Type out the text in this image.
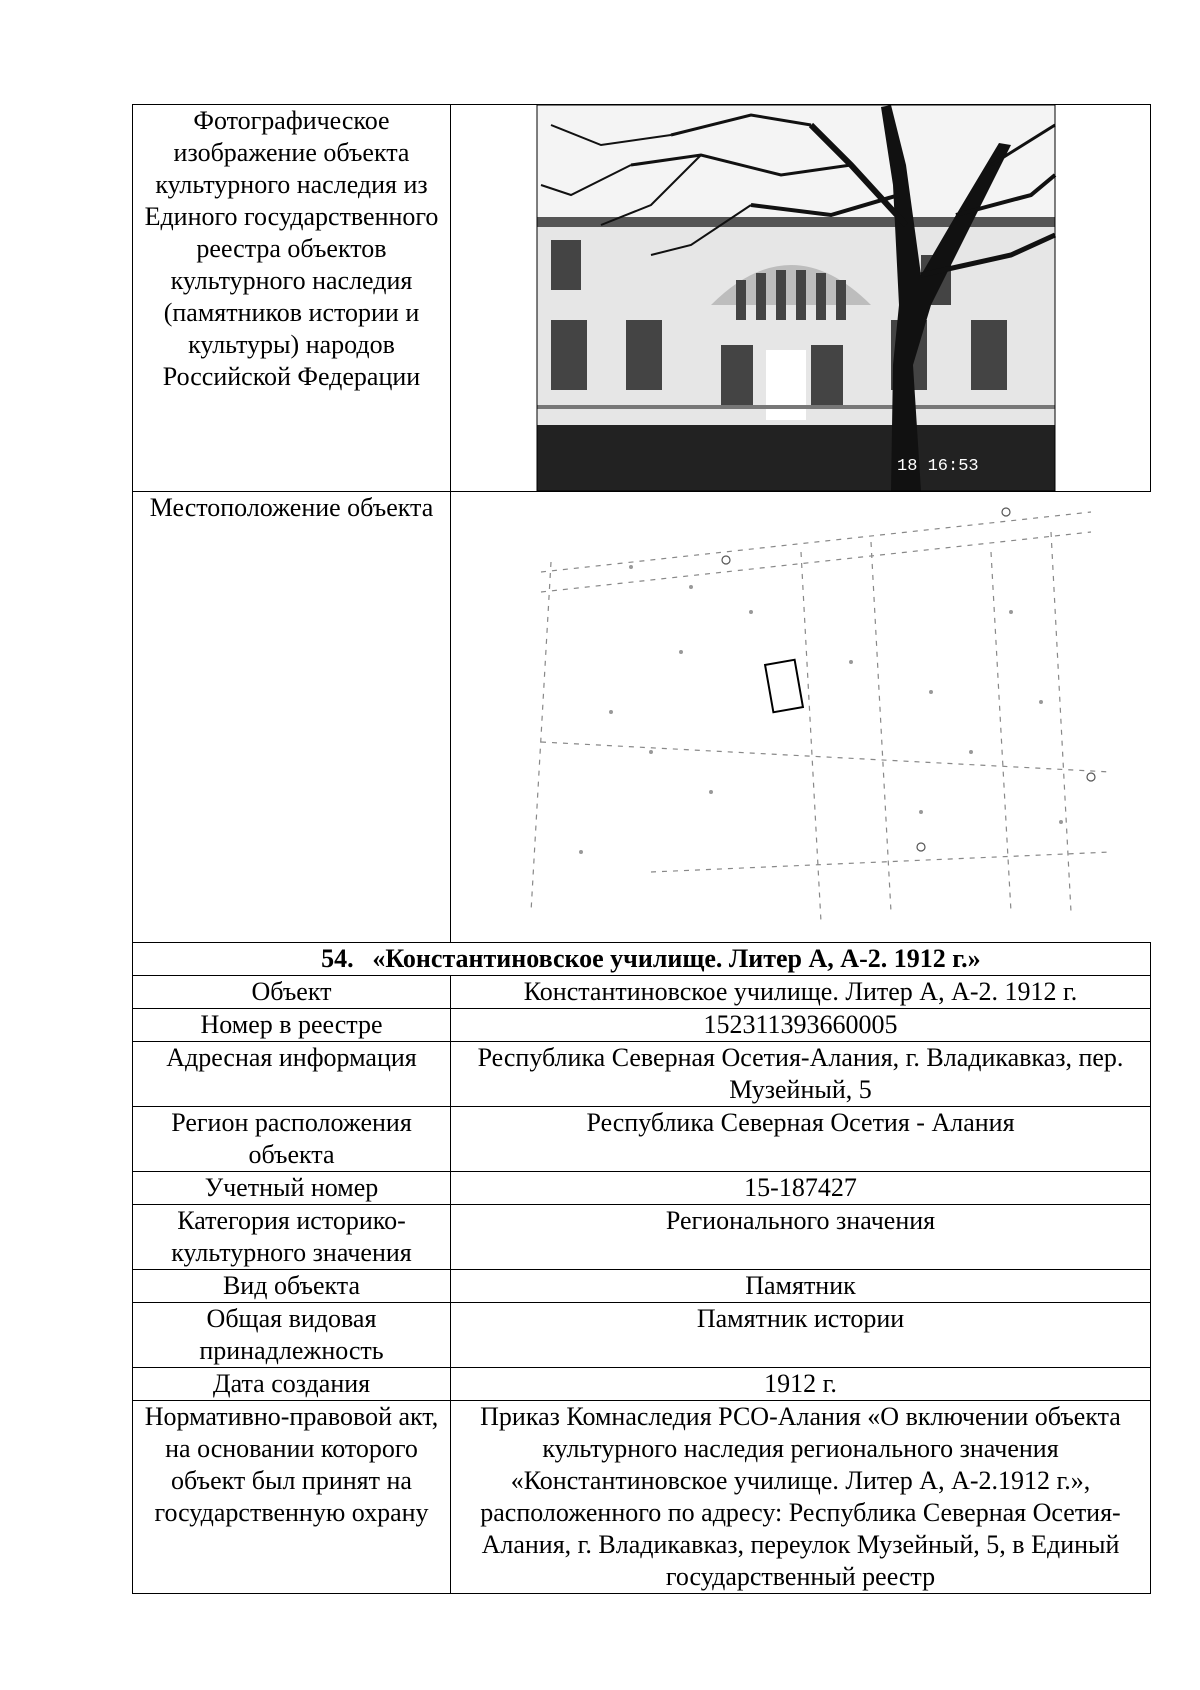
Фотографическое изображение объекта культурного наследия из Единого государственного реестра объектов культурного наследия (памятников истории и культуры) народов Российской Федерации	18 16:53

Местоположение объекта	

54. «Константиновское училище. Литер А, А-2. 1912 г.»	
Объект	Константиновское училище. Литер А, А-2. 1912 г.
Номер в реестре	152311393660005
Адресная информация	Республика Северная Осетия-Алания, г. Владикавказ, пер. Музейный, 5
Регион расположения объекта	Республика Северная Осетия - Алания
Учетный номер	15-187427
Категория историко-культурного значения	Регионального значения
Вид объекта	Памятник
Общая видовая принадлежность	Памятник истории
Дата создания	1912 г.
Нормативно-правовой акт, на основании которого объект был принят на государственную охрану	Приказ Комнаследия РСО-Алания «О включении объекта культурного наследия регионального значения «Константиновское училище. Литер А, А-2.1912 г.», расположенного по адресу: Республика Северная Осетия-Алания, г. Владикавказ, переулок Музейный, 5, в Единый государственный реестр
